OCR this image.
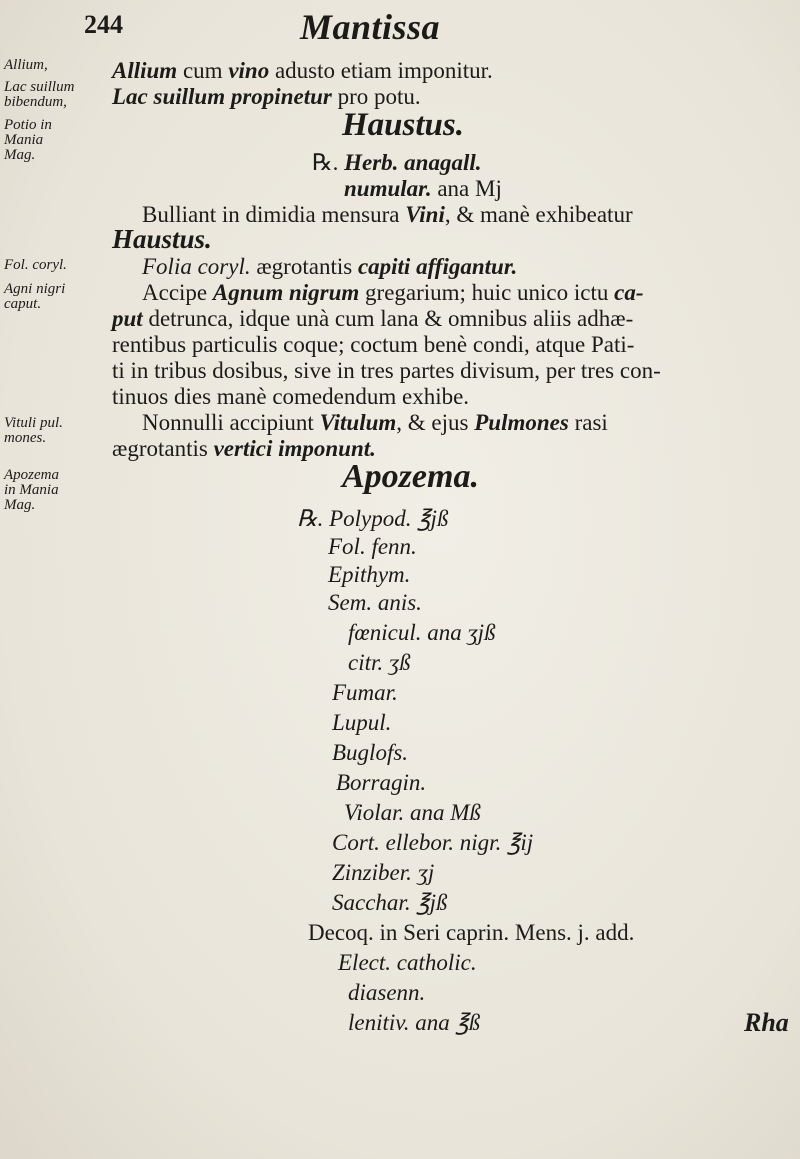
244	Mantissa
Allium,
Lac suillum
bibendum,
Potio in
Mania
Mag.
Fol. coryl.
Agni nigri
caput.
Vituli pul.
mones.
Apozema
in Mania
Mag.
Allium cum vino adusto etiam imponitur.
Lac suillum propinetur pro potu.
Haustus.
℞. Herb. anagall.
numular. ana Mj
Bulliant in dimidia mensura Vini, & manè exhibeatur
Haustus.
Folia coryl. ægrotantis capiti affigantur.
Accipe Agnum nigrum gregarium; huic unico ictu ca-
put detrunca, idque unà cum lana & omnibus aliis adhæ-
rentibus particulis coque; coctum benè condi, atque Pati-
ti in tribus dosibus, sive in tres partes divisum, per tres con-
tinuos dies manè comedendum exhibe.
Nonnulli accipiunt Vitulum, & ejus Pulmones rasi
ægrotantis vertici imponunt.
Apozema.
℞. Polypod. ℥jß
Fol. fenn.
Epithym.
Sem. anis.
fœnicul. ana ʒjß
citr. ʒß
Fumar.
Lupul.
Buglofs.
Borragin.
Violar. ana Mß
Cort. ellebor. nigr. ℥ij
Zinziber. ʒj
Sacchar. ℥jß
Decoq. in Seri caprin. Mens. j. add.
Elect. catholic.
diasenn.
lenitiv. ana ℥ß	Rha
